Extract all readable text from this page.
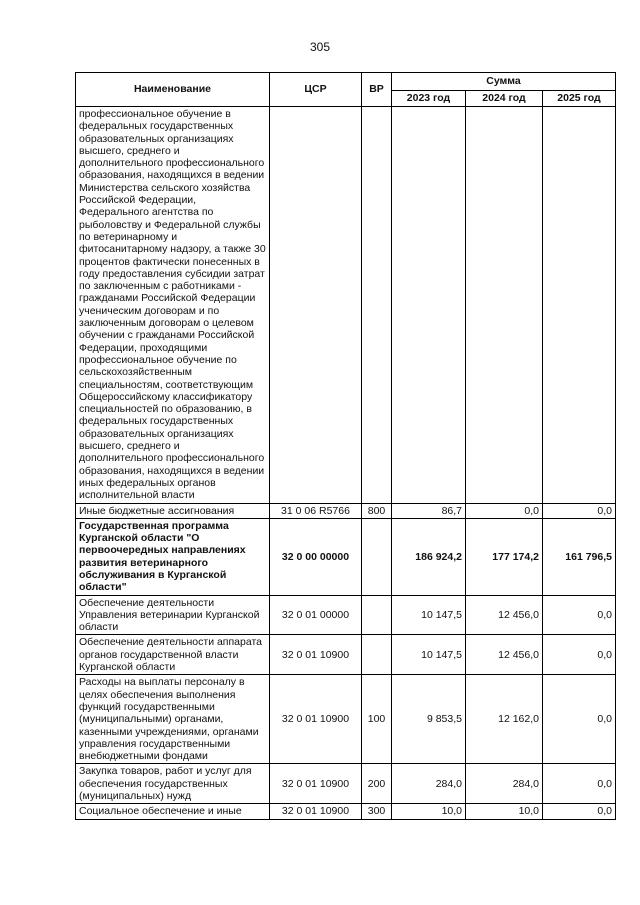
305
Наименование	ЦСР	ВР	Сумма		
			2023 год	2024 год	2025 год
профессиональное обучение в федеральных государственных образовательных организациях высшего, среднего и дополнительного профессионального образования, находящихся в ведении Министерства сельского хозяйства Российской Федерации, Федерального агентства по рыболовству и Федеральной службы по ветеринарному и фитосанитарному надзору, а также 30 процентов фактически понесенных в году предоставления субсидии затрат по заключенным с работниками - гражданами Российской Федерации ученическим договорам и по заключенным договорам о целевом обучении с гражданами Российской Федерации, проходящими профессиональное обучение по сельскохозяйственным специальностям, соответствующим Общероссийскому классификатору специальностей по образованию, в федеральных государственных образовательных организациях высшего, среднего и дополнительного профессионального образования, находящихся в ведении иных федеральных органов исполнительной власти					
Иные бюджетные ассигнования	31 0 06 R5766	800	86,7	0,0	0,0
Государственная программа Курганской области "О первоочередных направлениях развития ветеринарного обслуживания в Курганской области"	32 0 00 00000		186 924,2	177 174,2	161 796,5
Обеспечение деятельности Управления ветеринарии Курганской области	32 0 01 00000		10 147,5	12 456,0	0,0
Обеспечение деятельности аппарата органов государственной власти Курганской области	32 0 01 10900		10 147,5	12 456,0	0,0
Расходы на выплаты персоналу в целях обеспечения выполнения функций государственными (муниципальными) органами, казенными учреждениями, органами управления государственными внебюджетными фондами	32 0 01 10900	100	9 853,5	12 162,0	0,0
Закупка товаров, работ и услуг для обеспечения государственных (муниципальных) нужд	32 0 01 10900	200	284,0	284,0	0,0
Социальное обеспечение и иные	32 0 01 10900	300	10,0	10,0	0,0
